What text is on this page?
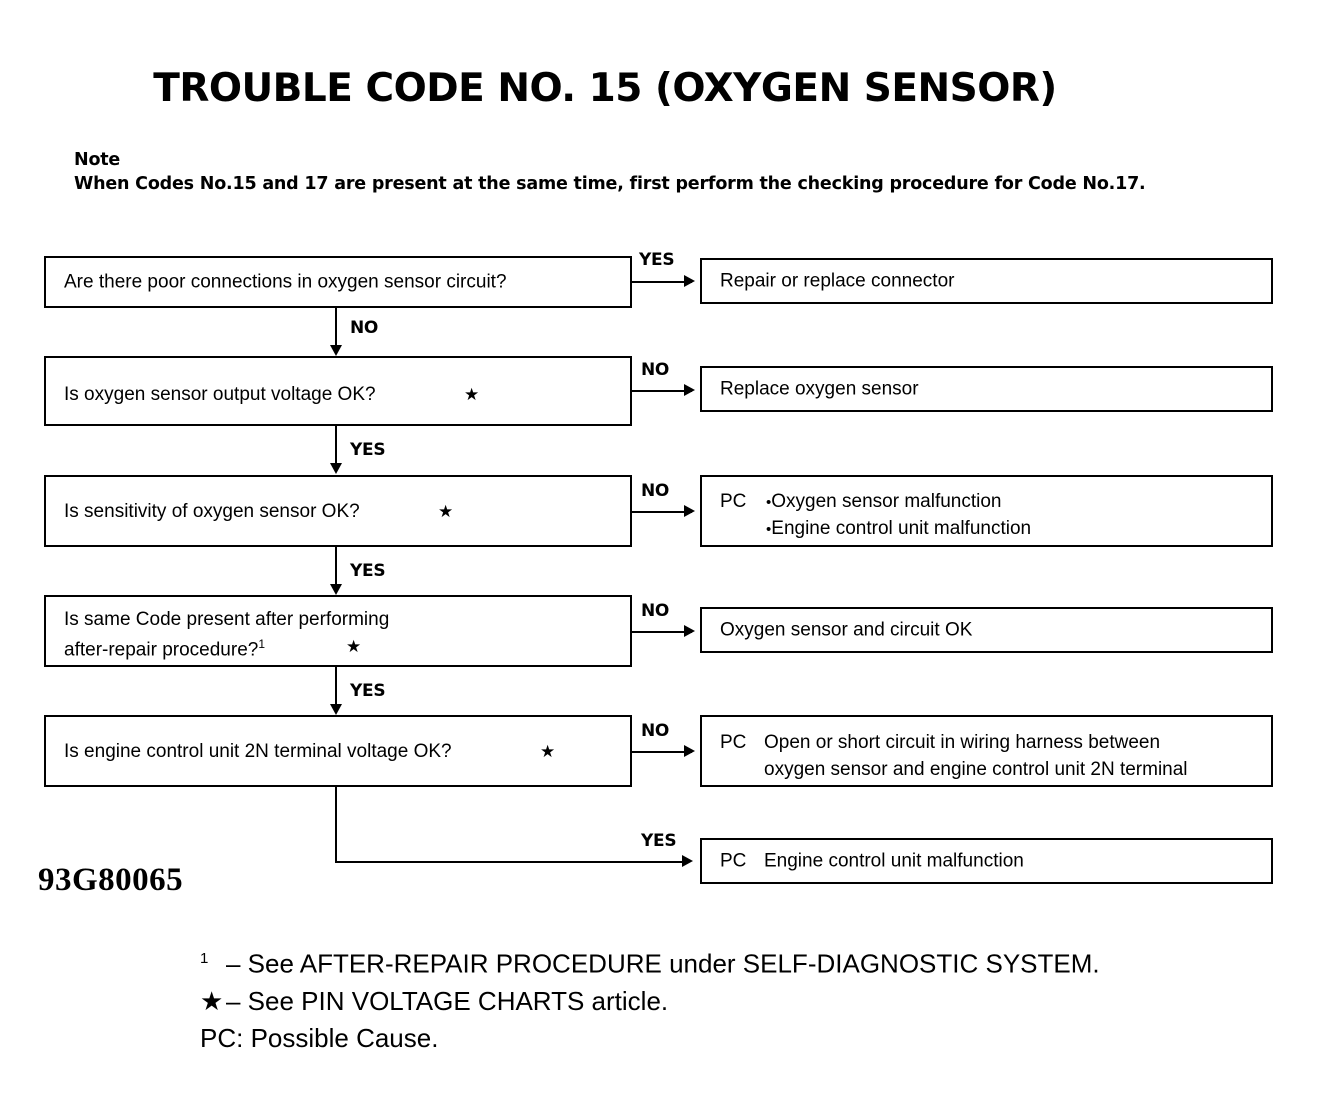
TROUBLE CODE NO. 15 (OXYGEN SENSOR)
Note
When Codes No.15 and 17 are present at the same time, first perform the checking procedure for Code No.17.
Are there poor connections in oxygen sensor circuit?
YES
Repair or replace connector
NO
Is oxygen sensor output voltage OK?	★
NO
Replace oxygen sensor
YES
Is sensitivity of oxygen sensor OK?	★
NO	PC •Oxygen sensor malfunction
•Engine control unit malfunction
YES
Is same Code present after performing
after-repair procedure?$^1$	★
NO
Oxygen sensor and circuit OK
YES
Is engine control unit 2N terminal voltage OK?	★
NO
PC Open or short circuit in wiring harness between
oxygen sensor and engine control unit 2N terminal
YES
PC Engine control unit malfunction
93G80065
$^1$ – See AFTER-REPAIR PROCEDURE under SELF-DIAGNOSTIC SYSTEM.
★ – See PIN VOLTAGE CHARTS article.
PC: Possible Cause.
